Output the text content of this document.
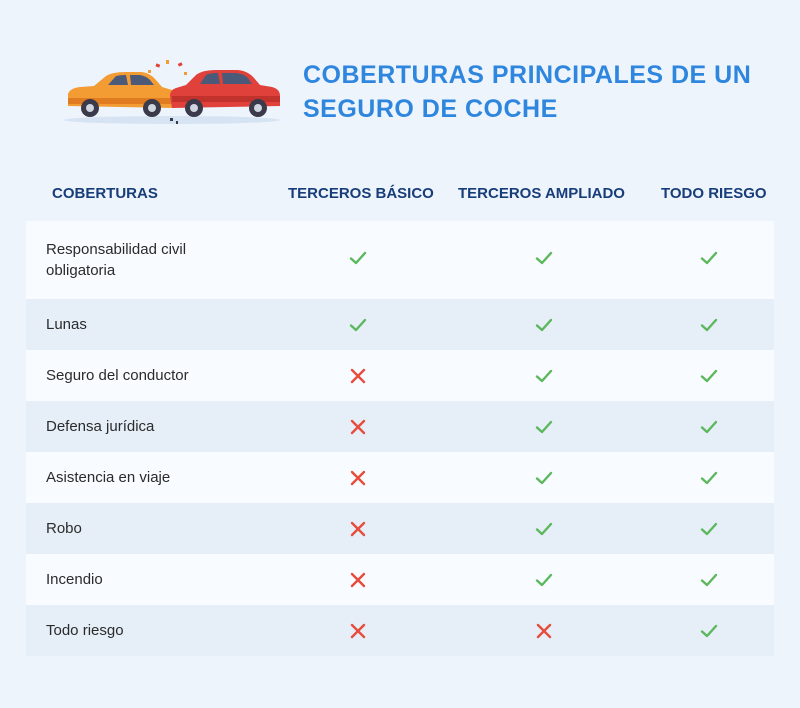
COBERTURAS PRINCIPALES DE UN
SEGURO DE COCHE
COBERTURAS	TERCEROS BÁSICO TERCEROS AMPLIADO TODO RIESGO
Responsabilidad civil obligatoria
Lunas
Seguro del conductor
Defensa jurídica
Asistencia en viaje
Robo
Incendio
Todo riesgo
